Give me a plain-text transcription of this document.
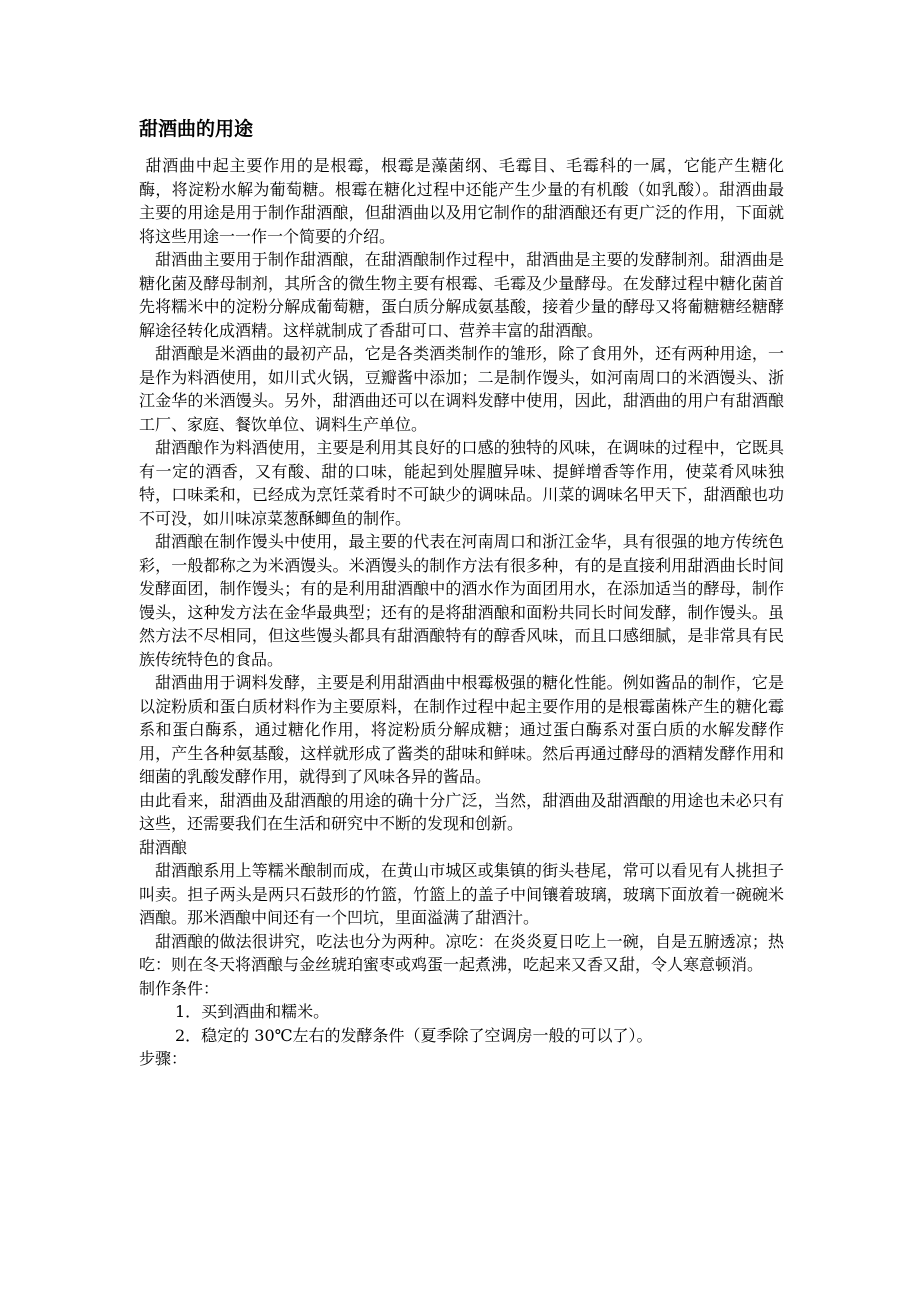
甜酒曲的用途

甜酒曲中起主要作用的是根霉，根霉是藻菌纲、毛霉目、毛霉科的一属，它能产生糖化酶，将淀粉水解为葡萄糖。根霉在糖化过程中还能产生少量的有机酸（如乳酸）。甜酒曲最主要的用途是用于制作甜酒酿，但甜酒曲以及用它制作的甜酒酿还有更广泛的作用，下面就将这些用途一一作一个简要的介绍。

甜酒曲主要用于制作甜酒酿，在甜酒酿制作过程中，甜酒曲是主要的发酵制剂。甜酒曲是糖化菌及酵母制剂，其所含的微生物主要有根霉、毛霉及少量酵母。在发酵过程中糖化菌首先将糯米中的淀粉分解成葡萄糖，蛋白质分解成氨基酸，接着少量的酵母又将葡糖糖经糖酵解途径转化成酒精。这样就制成了香甜可口、营养丰富的甜酒酿。

甜酒酿是米酒曲的最初产品，它是各类酒类制作的雏形，除了食用外，还有两种用途，一是作为料酒使用，如川式火锅，豆瓣酱中添加；二是制作馒头，如河南周口的米酒馒头、浙江金华的米酒馒头。另外，甜酒曲还可以在调料发酵中使用，因此，甜酒曲的用户有甜酒酿工厂、家庭、餐饮单位、调料生产单位。

甜酒酿作为料酒使用，主要是利用其良好的口感的独特的风味，在调味的过程中，它既具有一定的酒香，又有酸、甜的口味，能起到处腥膻异味、提鲜增香等作用，使菜肴风味独特，口味柔和，已经成为烹饪菜肴时不可缺少的调味品。川菜的调味名甲天下，甜酒酿也功不可没，如川味凉菜葱酥鲫鱼的制作。

甜酒酿在制作馒头中使用，最主要的代表在河南周口和浙江金华，具有很强的地方传统色彩，一般都称之为米酒馒头。米酒馒头的制作方法有很多种，有的是直接利用甜酒曲长时间发酵面团，制作馒头；有的是利用甜酒酿中的酒水作为面团用水，在添加适当的酵母，制作馒头，这种发方法在金华最典型；还有的是将甜酒酿和面粉共同长时间发酵，制作馒头。虽然方法不尽相同，但这些馒头都具有甜酒酿特有的醇香风味，而且口感细腻，是非常具有民族传统特色的食品。

甜酒曲用于调料发酵，主要是利用甜酒曲中根霉极强的糖化性能。例如酱品的制作，它是以淀粉质和蛋白质材料作为主要原料，在制作过程中起主要作用的是根霉菌株产生的糖化霉系和蛋白酶系，通过糖化作用，将淀粉质分解成糖；通过蛋白酶系对蛋白质的水解发酵作用，产生各种氨基酸，这样就形成了酱类的甜味和鲜味。然后再通过酵母的酒精发酵作用和细菌的乳酸发酵作用，就得到了风味各异的酱品。

由此看来，甜酒曲及甜酒酿的用途的确十分广泛，当然，甜酒曲及甜酒酿的用途也未必只有这些，还需要我们在生活和研究中不断的发现和创新。

甜酒酿

甜酒酿系用上等糯米酿制而成，在黄山市城区或集镇的街头巷尾，常可以看见有人挑担子叫卖。担子两头是两只石鼓形的竹篮，竹篮上的盖子中间镶着玻璃，玻璃下面放着一碗碗米酒酿。那米酒酿中间还有一个凹坑，里面溢满了甜酒汁。

甜酒酿的做法很讲究，吃法也分为两种。凉吃：在炎炎夏日吃上一碗，自是五腑透凉；热吃：则在冬天将酒酿与金丝琥珀蜜枣或鸡蛋一起煮沸，吃起来又香又甜，令人寒意顿消。

制作条件：

1．买到酒曲和糯米。

2．稳定的 30℃左右的发酵条件（夏季除了空调房一般的可以了）。

步骤：
